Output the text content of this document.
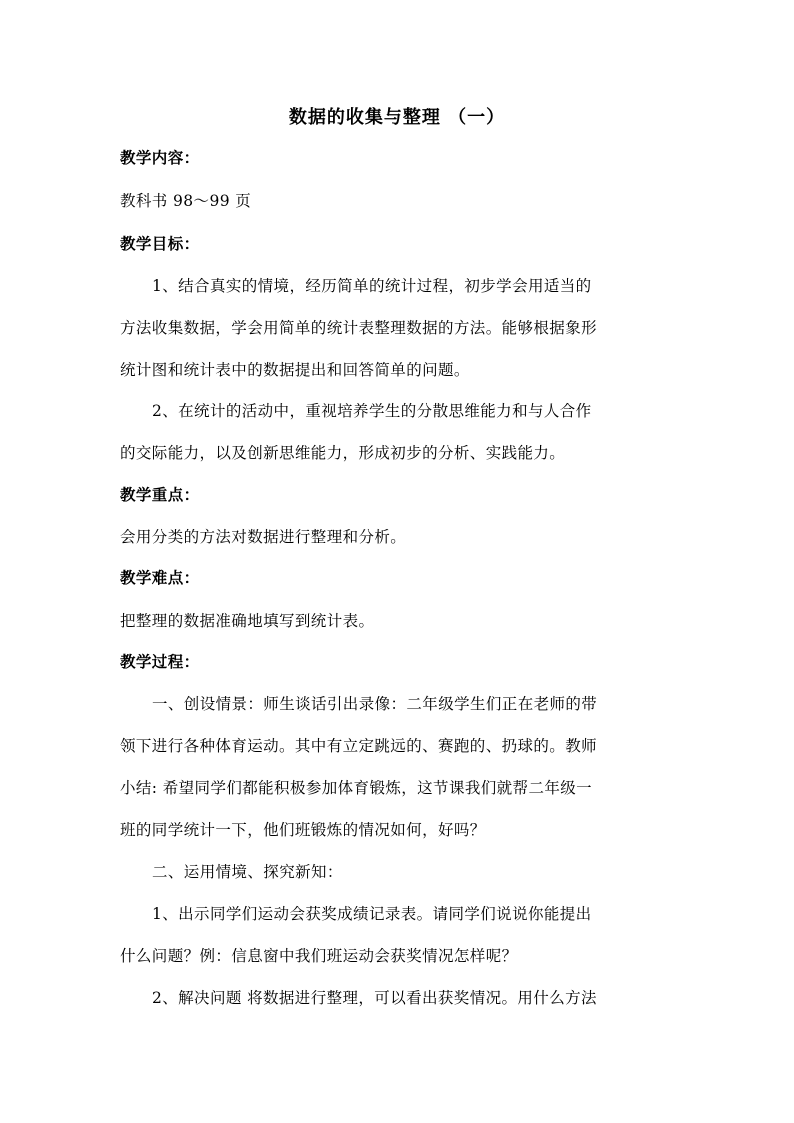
数据的收集与整理 （一）
教学内容：
教科书 98～99 页
教学目标：
1、结合真实的情境，经历简单的统计过程，初步学会用适当的
方法收集数据，学会用简单的统计表整理数据的方法。能够根据象形
统计图和统计表中的数据提出和回答简单的问题。
2、在统计的活动中，重视培养学生的分散思维能力和与人合作
的交际能力，以及创新思维能力，形成初步的分析、实践能力。
教学重点：
会用分类的方法对数据进行整理和分析。
教学难点：
把整理的数据准确地填写到统计表。
教学过程：
一、创设情景：师生谈话引出录像：二年级学生们正在老师的带
领下进行各种体育运动。其中有立定跳远的、赛跑的、扔球的。教师
小结: 希望同学们都能积极参加体育锻炼，这节课我们就帮二年级一
班的同学统计一下，他们班锻炼的情况如何，好吗？
二、运用情境、探究新知：
1、出示同学们运动会获奖成绩记录表。请同学们说说你能提出
什么问题？例：信息窗中我们班运动会获奖情况怎样呢？
2、解决问题 将数据进行整理，可以看出获奖情况。用什么方法
